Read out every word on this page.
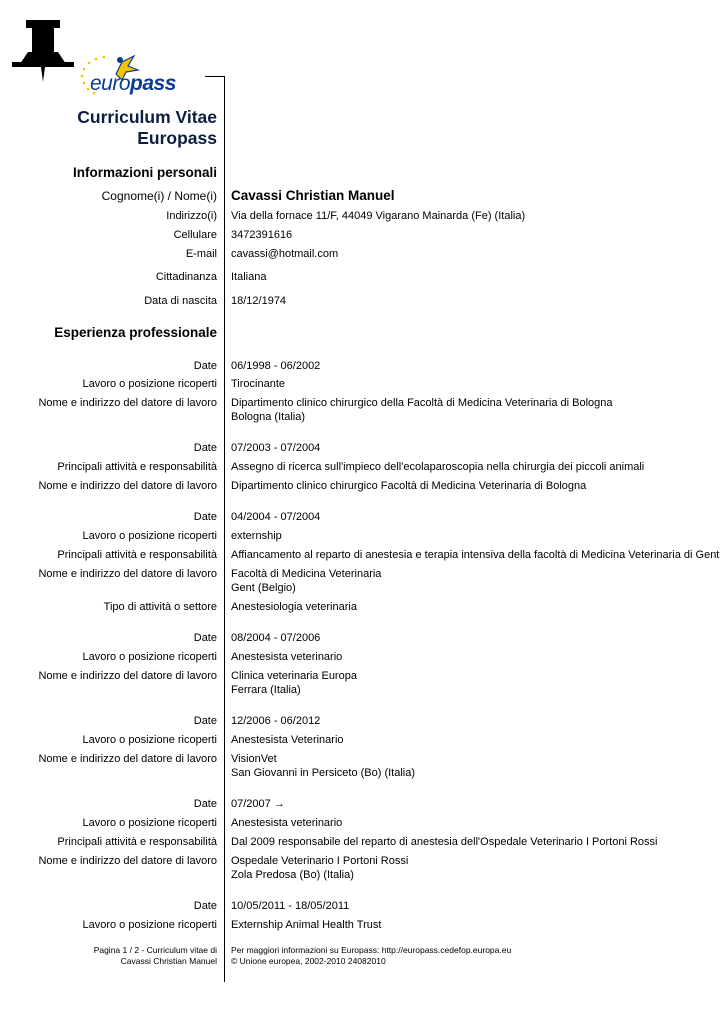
europass
Curriculum Vitae
Europass
Informazioni personali
Cognome(i) / Nome(i) Cavassi Christian Manuel
Indirizzo(i) Via della fornace 11/F, 44049 Vigarano Mainarda (Fe) (Italia)
Cellulare 3472391616
E-mail cavassi@hotmail.com
Cittadinanza Italiana
Data di nascita 18/12/1974
Esperienza professionale
Date 06/1998 - 06/2002
Lavoro o posizione ricoperti Tirocinante
Nome e indirizzo del datore di lavoro Dipartimento clinico chirurgico della Facoltà di Medicina Veterinaria di Bologna
Bologna (Italia)
Date 07/2003 - 07/2004
Principali attività e responsabilità Assegno di ricerca sull'impieco dell'ecolaparoscopia nella chirurgia dei piccoli animali
Nome e indirizzo del datore di lavoro Dipartimento clinico chirurgico Facoltà di Medicina Veterinaria di Bologna
Date 04/2004 - 07/2004
Lavoro o posizione ricoperti externship
Principali attività e responsabilità Affiancamento al reparto di anestesia e terapia intensiva della facoltà di Medicina Veterinaria di Gent
Nome e indirizzo del datore di lavoro Facoltà di Medicina Veterinaria
Gent (Belgio)
Tipo di attività o settore Anestesiologia veterinaria
Date 08/2004 - 07/2006
Lavoro o posizione ricoperti Anestesista veterinario
Nome e indirizzo del datore di lavoro Clinica veterinaria Europa
Ferrara (Italia)
Date 12/2006 - 06/2012
Lavoro o posizione ricoperti Anestesista Veterinario
Nome e indirizzo del datore di lavoro VisionVet
San Giovanni in Persiceto (Bo) (Italia)
Date 07/2007 →
Lavoro o posizione ricoperti Anestesista veterinario
Principali attività e responsabilità Dal 2009 responsabile del reparto di anestesia dell'Ospedale Veterinario I Portoni Rossi
Nome e indirizzo del datore di lavoro Ospedale Veterinario I Portoni Rossi
Zola Predosa (Bo) (Italia)
Date 10/05/2011 - 18/05/2011
Lavoro o posizione ricoperti Externship Animal Health Trust
Pagina 1 / 2 - Curriculum vitae di
Cavassi Christian Manuel
Per maggiori informazioni su Europass: http://europass.cedefop.europa.eu
© Unione europea, 2002-2010 24082010
